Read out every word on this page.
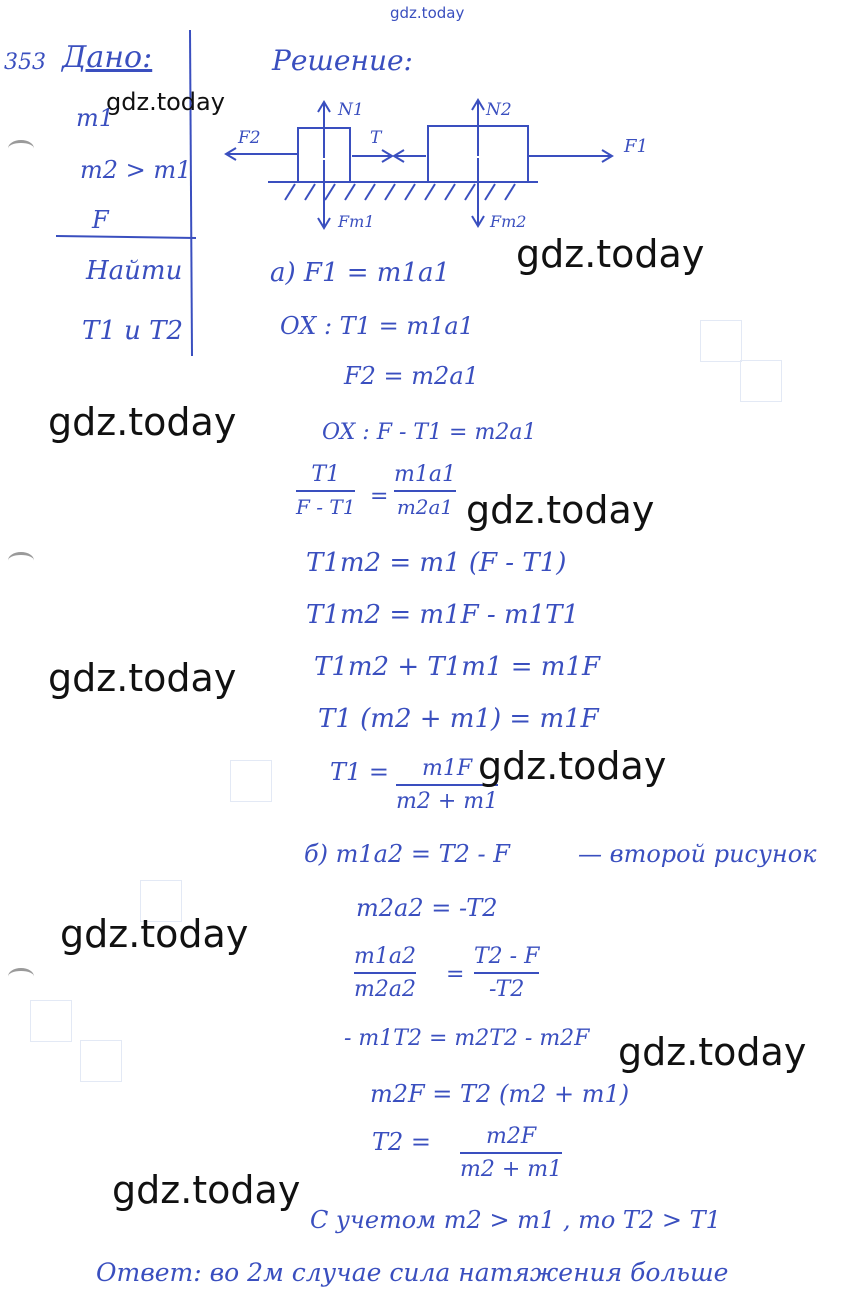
gdz.today
353 Дано:
m1
m2 > m1
F
Найти
T1 и T2
Решение:
N1	N2
F2	T	F1
Fт1	Fт2
a) F1 = m1a1
OX : T1 = m1a1
F2 = m2a1
OX : F - T1 = m2a1
T1
F - T1 =
m1a1
m2a1
T1m2 = m1 (F - T1)
T1m2 = m1F - m1T1
T1m2 + T1m1 = m1F
T1 (m2 + m1) = m1F
T1 = m1F
m2 + m1
б) m1a2 = T2 - F	— второй рисунок
m2a2 = -T2
m1a2
m2a2
=
T2 - F
-T2
- m1T2 = m2T2 - m2F
m2F = T2 (m2 + m1)
T2 = m2F
m2 + m1
С учетом m2 > m1 , то T2 > T1
Ответ: во 2м случае сила натяжения больше
gdz.today
gdz.today
gdz.today
gdz.today
gdz.today
gdz.today
gdz.today
gdz.today
gdz.today
